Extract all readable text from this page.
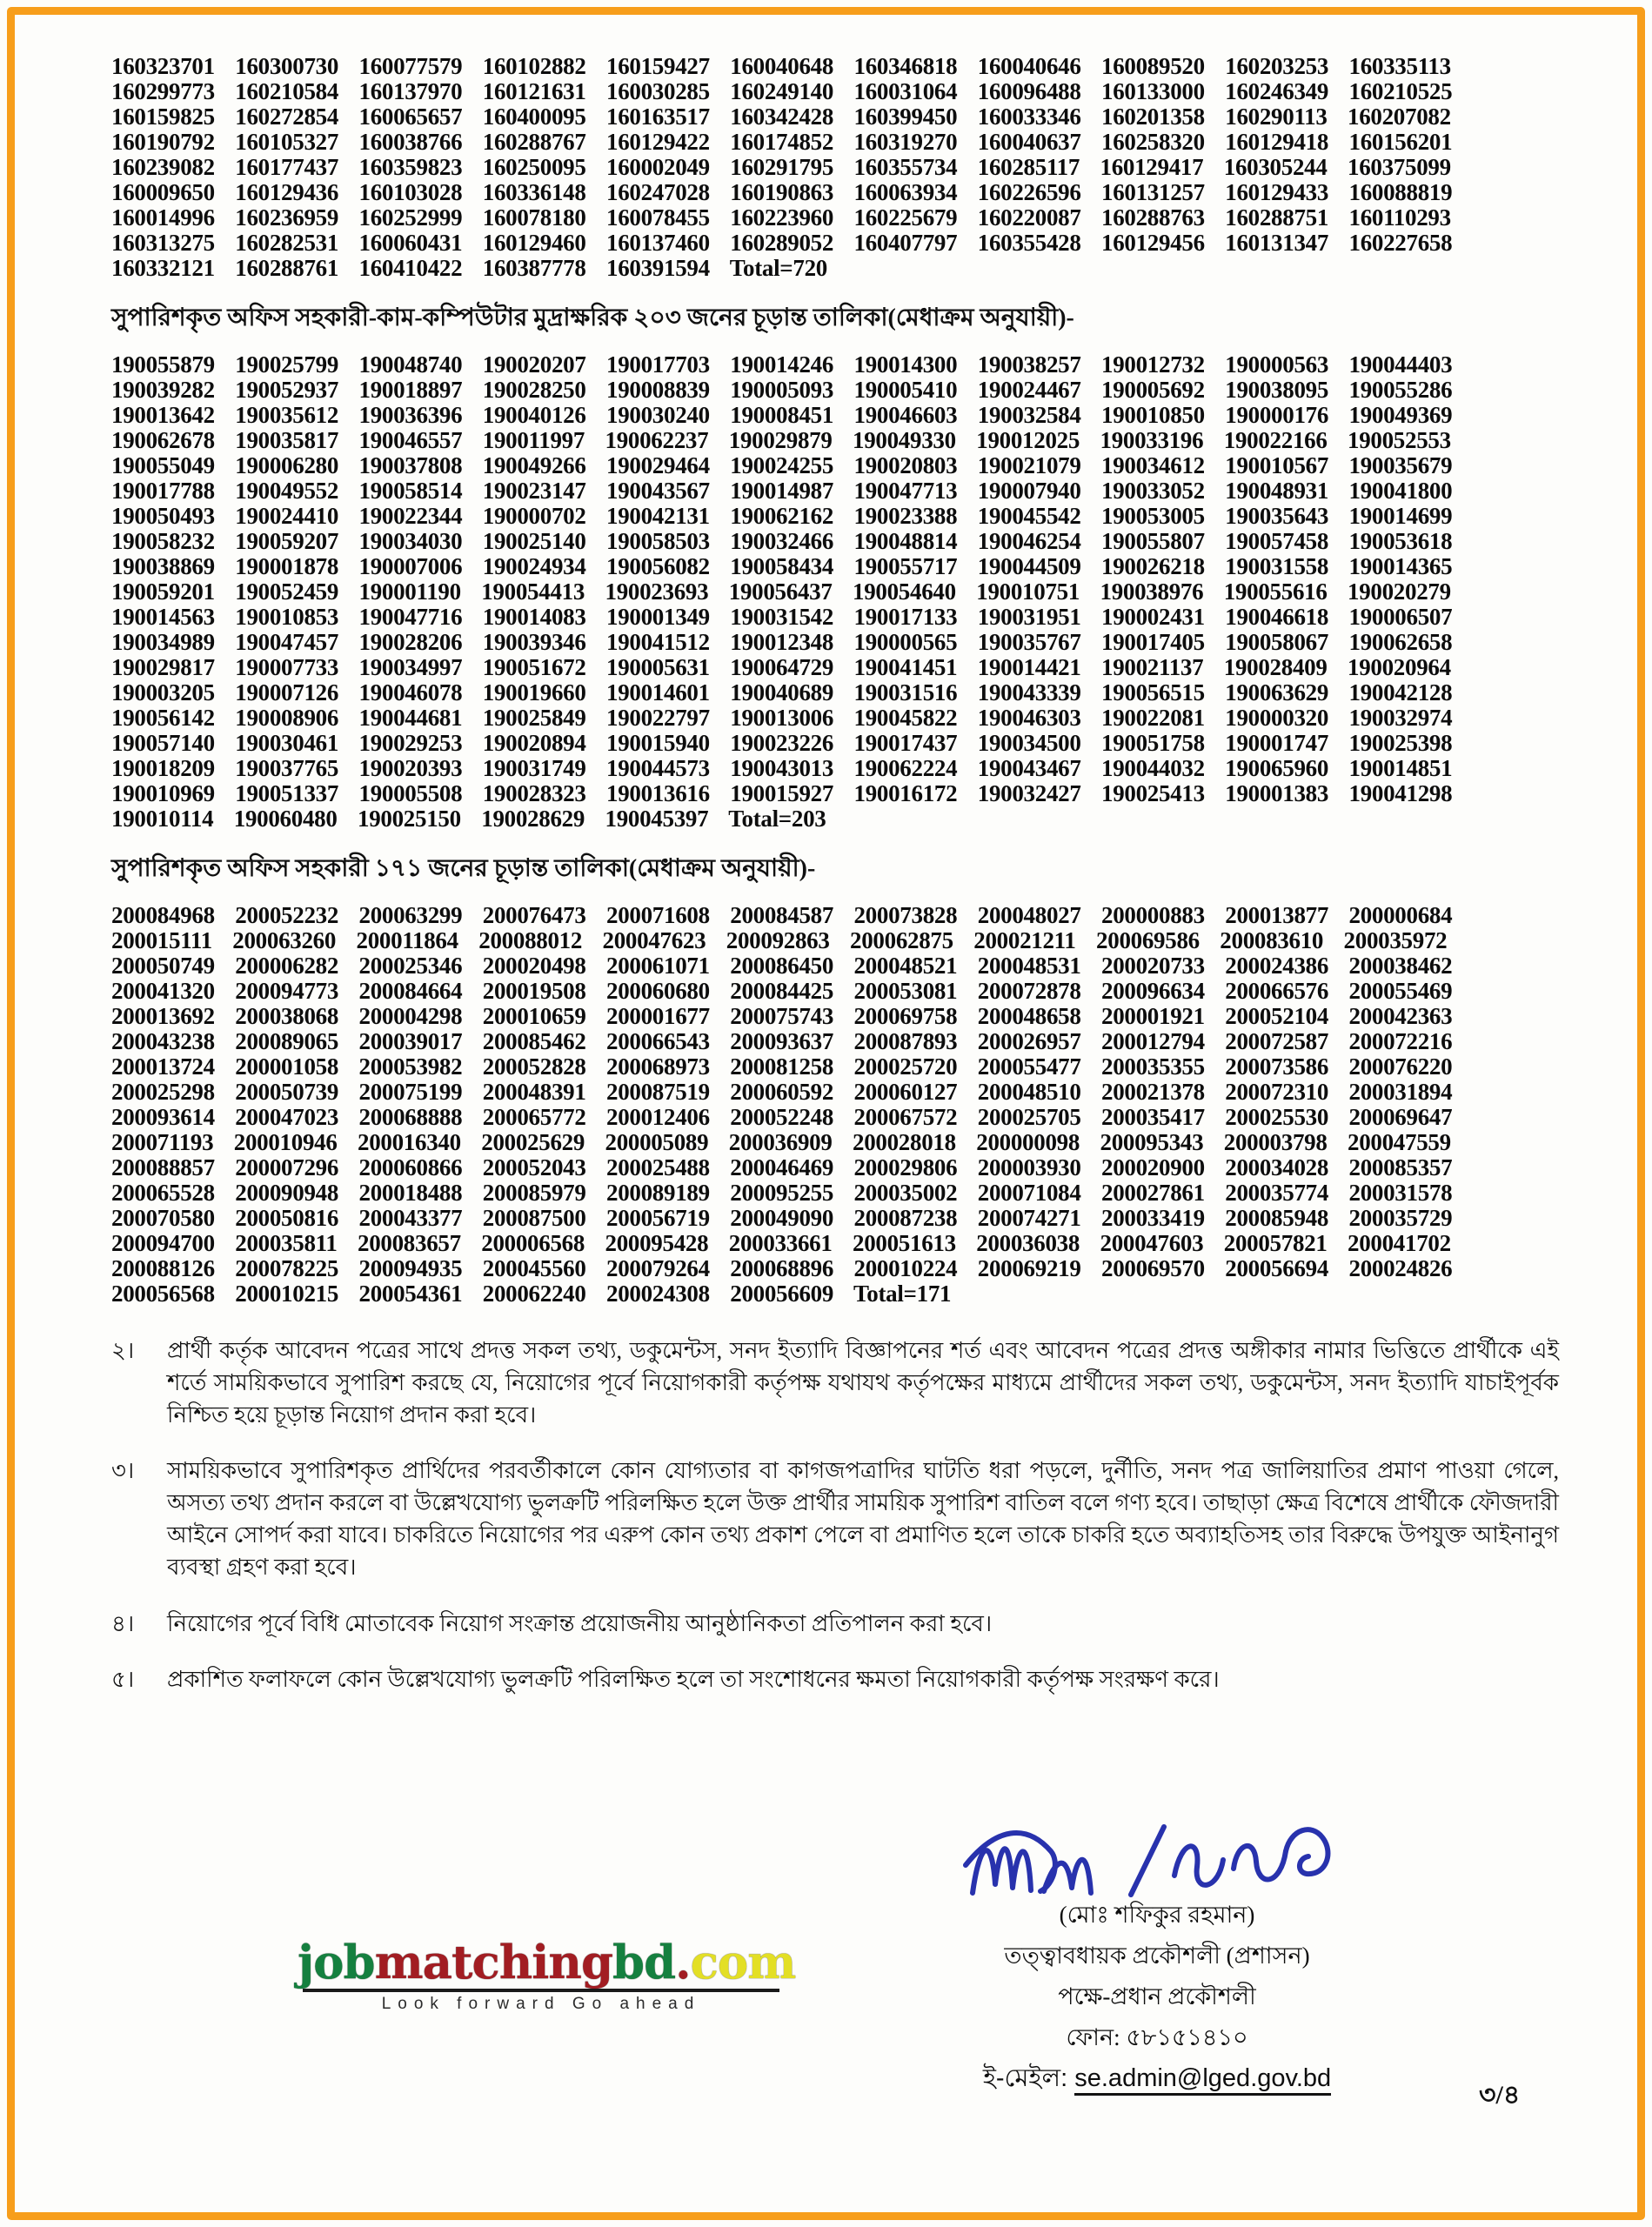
160323701 160300730 160077579 160102882 160159427 160040648 160346818 160040646 160089520 160203253 160335113
160299773 160210584 160137970 160121631 160030285 160249140 160031064 160096488 160133000 160246349 160210525
160159825 160272854 160065657 160400095 160163517 160342428 160399450 160033346 160201358 160290113 160207082
160190792 160105327 160038766 160288767 160129422 160174852 160319270 160040637 160258320 160129418 160156201
160239082 160177437 160359823 160250095 160002049 160291795 160355734 160285117 160129417 160305244 160375099
160009650 160129436 160103028 160336148 160247028 160190863 160063934 160226596 160131257 160129433 160088819
160014996 160236959 160252999 160078180 160078455 160223960 160225679 160220087 160288763 160288751 160110293
160313275 160282531 160060431 160129460 160137460 160289052 160407797 160355428 160129456 160131347 160227658
160332121 160288761 160410422 160387778 160391594 Total=720
সুপারিশকৃত অফিস সহকারী-কাম-কম্পিউটার মুদ্রাক্ষরিক ২০৩ জনের চূড়ান্ত তালিকা(মেধাক্রম অনুযায়ী)-
190055879 190025799 190048740 190020207 190017703 190014246 190014300 190038257 190012732 190000563 190044403
190039282 190052937 190018897 190028250 190008839 190005093 190005410 190024467 190005692 190038095 190055286
190013642 190035612 190036396 190040126 190030240 190008451 190046603 190032584 190010850 190000176 190049369
190062678 190035817 190046557 190011997 190062237 190029879 190049330 190012025 190033196 190022166 190052553
190055049 190006280 190037808 190049266 190029464 190024255 190020803 190021079 190034612 190010567 190035679
190017788 190049552 190058514 190023147 190043567 190014987 190047713 190007940 190033052 190048931 190041800
190050493 190024410 190022344 190000702 190042131 190062162 190023388 190045542 190053005 190035643 190014699
190058232 190059207 190034030 190025140 190058503 190032466 190048814 190046254 190055807 190057458 190053618
190038869 190001878 190007006 190024934 190056082 190058434 190055717 190044509 190026218 190031558 190014365
190059201 190052459 190001190 190054413 190023693 190056437 190054640 190010751 190038976 190055616 190020279
190014563 190010853 190047716 190014083 190001349 190031542 190017133 190031951 190002431 190046618 190006507
190034989 190047457 190028206 190039346 190041512 190012348 190000565 190035767 190017405 190058067 190062658
190029817 190007733 190034997 190051672 190005631 190064729 190041451 190014421 190021137 190028409 190020964
190003205 190007126 190046078 190019660 190014601 190040689 190031516 190043339 190056515 190063629 190042128
190056142 190008906 190044681 190025849 190022797 190013006 190045822 190046303 190022081 190000320 190032974
190057140 190030461 190029253 190020894 190015940 190023226 190017437 190034500 190051758 190001747 190025398
190018209 190037765 190020393 190031749 190044573 190043013 190062224 190043467 190044032 190065960 190014851
190010969 190051337 190005508 190028323 190013616 190015927 190016172 190032427 190025413 190001383 190041298
190010114 190060480 190025150 190028629 190045397 Total=203
সুপারিশকৃত অফিস সহকারী ১৭১ জনের চূড়ান্ত তালিকা(মেধাক্রম অনুযায়ী)-
200084968 200052232 200063299 200076473 200071608 200084587 200073828 200048027 200000883 200013877 200000684
200015111 200063260 200011864 200088012 200047623 200092863 200062875 200021211 200069586 200083610 200035972
200050749 200006282 200025346 200020498 200061071 200086450 200048521 200048531 200020733 200024386 200038462
200041320 200094773 200084664 200019508 200060680 200084425 200053081 200072878 200096634 200066576 200055469
200013692 200038068 200004298 200010659 200001677 200075743 200069758 200048658 200001921 200052104 200042363
200043238 200089065 200039017 200085462 200066543 200093637 200087893 200026957 200012794 200072587 200072216
200013724 200001058 200053982 200052828 200068973 200081258 200025720 200055477 200035355 200073586 200076220
200025298 200050739 200075199 200048391 200087519 200060592 200060127 200048510 200021378 200072310 200031894
200093614 200047023 200068888 200065772 200012406 200052248 200067572 200025705 200035417 200025530 200069647
200071193 200010946 200016340 200025629 200005089 200036909 200028018 200000098 200095343 200003798 200047559
200088857 200007296 200060866 200052043 200025488 200046469 200029806 200003930 200020900 200034028 200085357
200065528 200090948 200018488 200085979 200089189 200095255 200035002 200071084 200027861 200035774 200031578
200070580 200050816 200043377 200087500 200056719 200049090 200087238 200074271 200033419 200085948 200035729
200094700 200035811 200083657 200006568 200095428 200033661 200051613 200036038 200047603 200057821 200041702
200088126 200078225 200094935 200045560 200079264 200068896 200010224 200069219 200069570 200056694 200024826
200056568 200010215 200054361 200062240 200024308 200056609 Total=171
২।	প্রার্থী কর্তৃক আবেদন পত্রের সাথে প্রদত্ত সকল তথ্য, ডকুমেন্টস, সনদ ইত্যাদি বিজ্ঞাপনের শর্ত এবং আবেদন পত্রের প্রদত্ত অঙ্গীকার নামার ভিত্তিতে প্রার্থীকে এই শর্তে সাময়িকভাবে সুপারিশ করছে যে, নিয়োগের পূর্বে নিয়োগকারী কর্তৃপক্ষ যথাযথ কর্তৃপক্ষের মাধ্যমে প্রার্থীদের সকল তথ্য, ডকুমেন্টস, সনদ ইত্যাদি যাচাইপূর্বক নিশ্চিত হয়ে চূড়ান্ত নিয়োগ প্রদান করা হবে।
৩।	সাময়িকভাবে সুপারিশকৃত প্রার্থিদের পরবর্তীকালে কোন যোগ্যতার বা কাগজপত্রাদির ঘাটতি ধরা পড়লে, দুর্নীতি, সনদ পত্র জালিয়াতির প্রমাণ পাওয়া গেলে, অসত্য তথ্য প্রদান করলে বা উল্লেখযোগ্য ভুলক্রটি পরিলক্ষিত হলে উক্ত প্রার্থীর সাময়িক সুপারিশ বাতিল বলে গণ্য হবে। তাছাড়া ক্ষেত্র বিশেষে প্রার্থীকে ফৌজদারী আইনে সোপর্দ করা যাবে। চাকরিতে নিয়োগের পর এরুপ কোন তথ্য প্রকাশ পেলে বা প্রমাণিত হলে তাকে চাকরি হতে অব্যাহতিসহ তার বিরুদ্ধে উপযুক্ত আইনানুগ ব্যবস্থা গ্রহণ করা হবে।
৪।	নিয়োগের পূর্বে বিধি মোতাবেক নিয়োগ সংক্রান্ত প্রয়োজনীয় আনুষ্ঠানিকতা প্রতিপালন করা হবে।
৫।	প্রকাশিত ফলাফলে কোন উল্লেখযোগ্য ভুলক্রটি পরিলক্ষিত হলে তা সংশোধনের ক্ষমতা নিয়োগকারী কর্তৃপক্ষ সংরক্ষণ করে।
(মোঃ শফিকুর রহমান)
তত্ত্বাবধায়ক প্রকৌশলী (প্রশাসন)
পক্ষে-প্রধান প্রকৌশলী
ফোন: ৫৮১৫১৪১০
ই-মেইল: se.admin@lged.gov.bd
jobmatchingbd.com
Look forward Go ahead
৩/৪
